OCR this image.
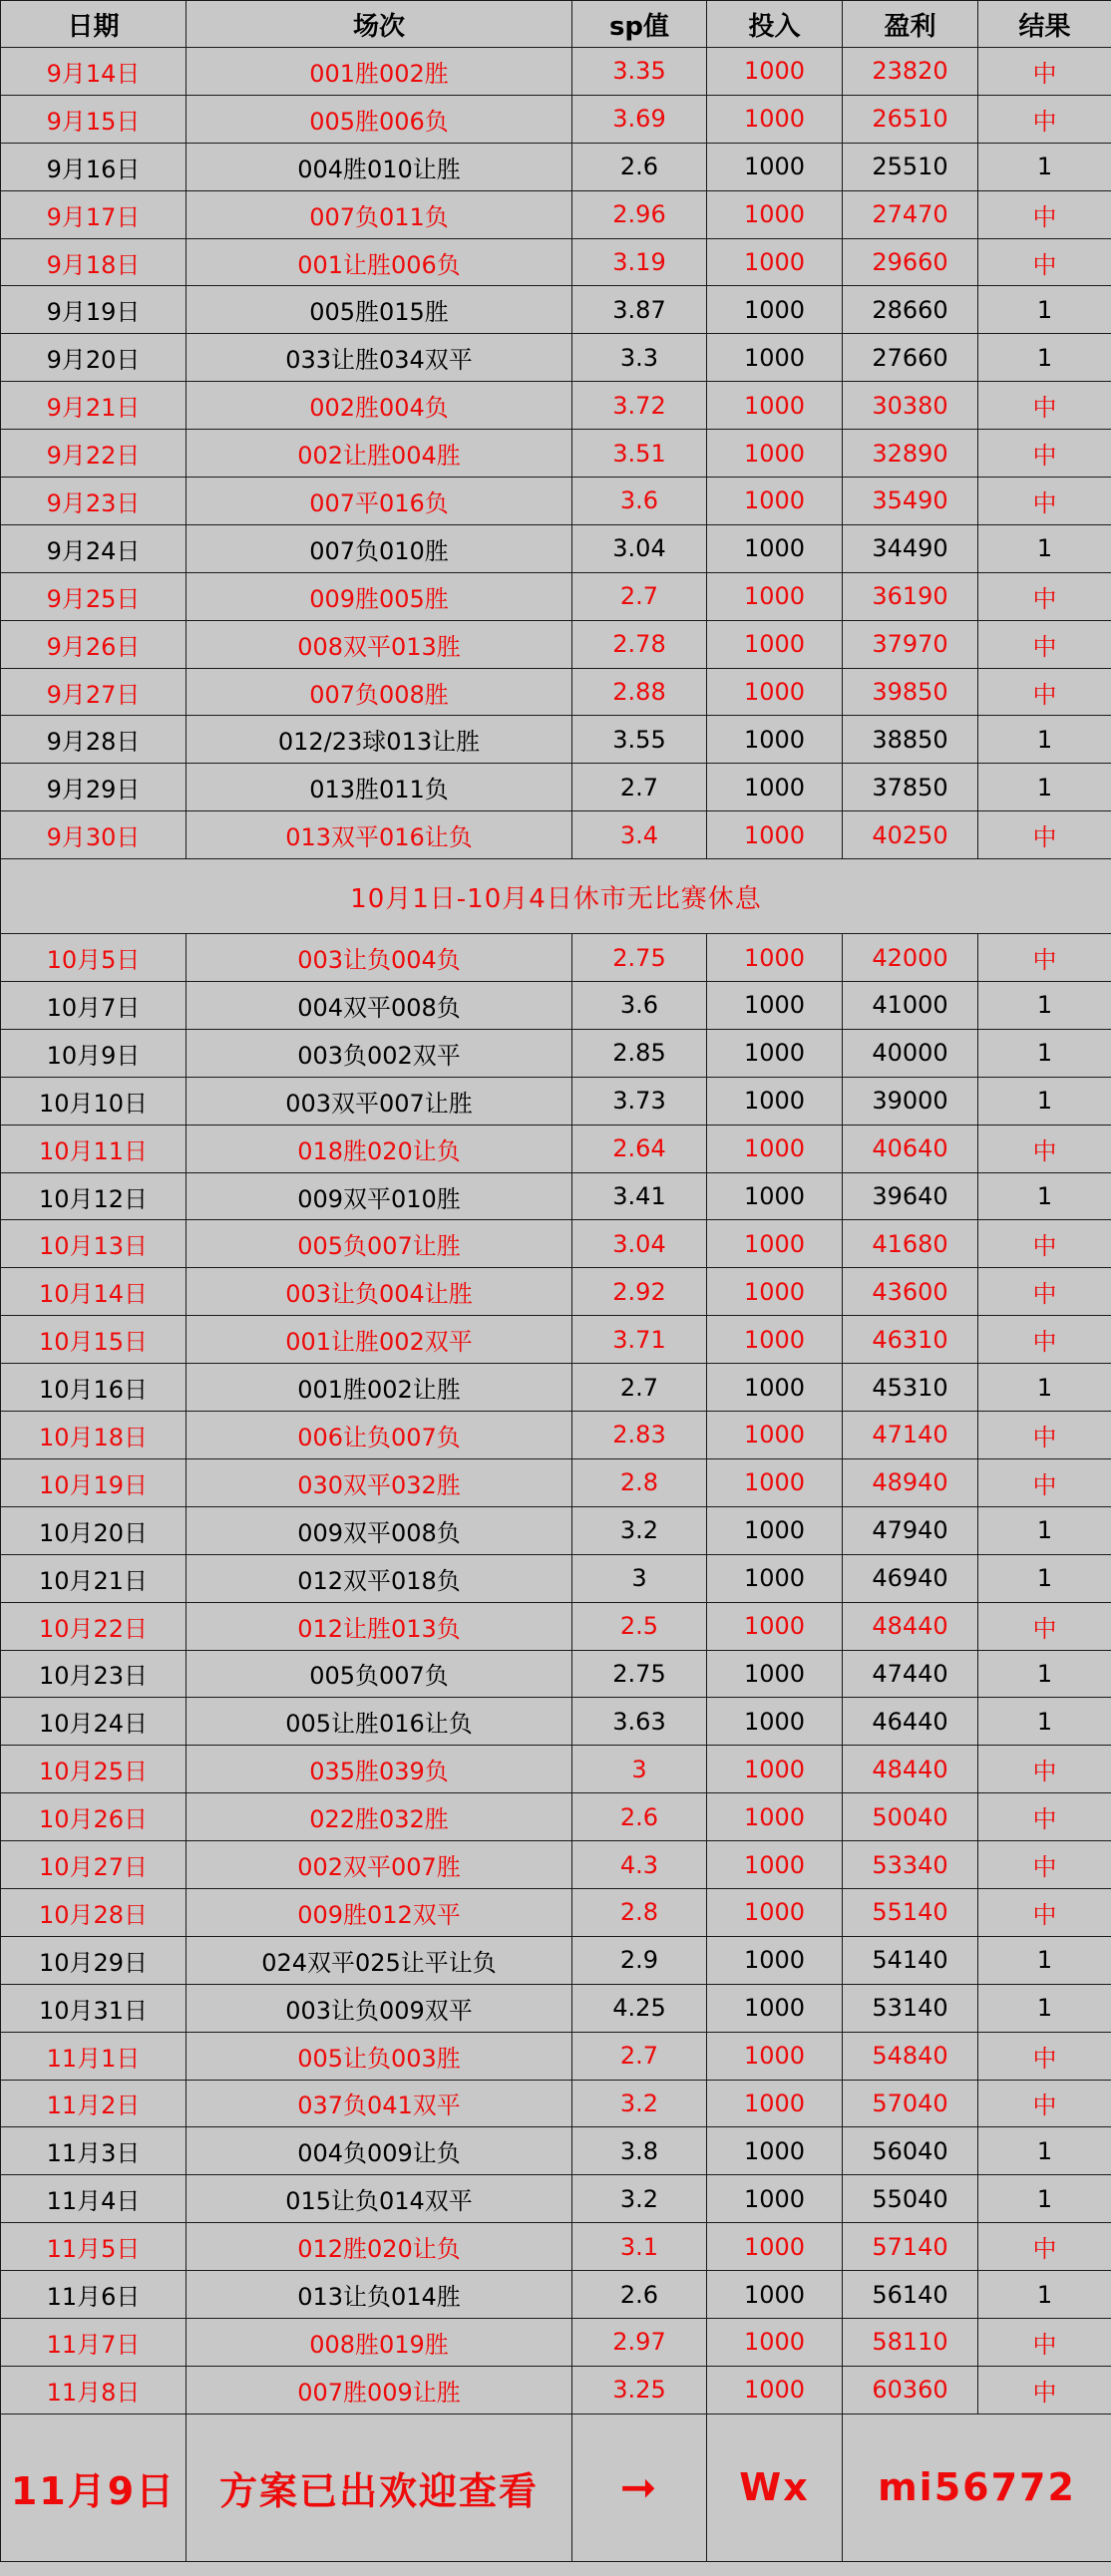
日期	场次	sp值	投入	盈利	结果
9月14日	001胜002胜	3.35	1000	23820	中
9月15日	005胜006负	3.69	1000	26510	中
9月16日	004胜010让胜	2.6	1000	25510	1
9月17日	007负011负	2.96	1000	27470	中
9月18日	001让胜006负	3.19	1000	29660	中
9月19日	005胜015胜	3.87	1000	28660	1
9月20日	033让胜034双平	3.3	1000	27660	1
9月21日	002胜004负	3.72	1000	30380	中
9月22日	002让胜004胜	3.51	1000	32890	中
9月23日	007平016负	3.6	1000	35490	中
9月24日	007负010胜	3.04	1000	34490	1
9月25日	009胜005胜	2.7	1000	36190	中
9月26日	008双平013胜	2.78	1000	37970	中
9月27日	007负008胜	2.88	1000	39850	中
9月28日	012/23球013让胜	3.55	1000	38850	1
9月29日	013胜011负	2.7	1000	37850	1
9月30日	013双平016让负	3.4	1000	40250	中
10月1日-10月4日休市无比赛休息					
10月5日	003让负004负	2.75	1000	42000	中
10月7日	004双平008负	3.6	1000	41000	1
10月9日	003负002双平	2.85	1000	40000	1
10月10日	003双平007让胜	3.73	1000	39000	1
10月11日	018胜020让负	2.64	1000	40640	中
10月12日	009双平010胜	3.41	1000	39640	1
10月13日	005负007让胜	3.04	1000	41680	中
10月14日	003让负004让胜	2.92	1000	43600	中
10月15日	001让胜002双平	3.71	1000	46310	中
10月16日	001胜002让胜	2.7	1000	45310	1
10月18日	006让负007负	2.83	1000	47140	中
10月19日	030双平032胜	2.8	1000	48940	中
10月20日	009双平008负	3.2	1000	47940	1
10月21日	012双平018负	3	1000	46940	1
10月22日	012让胜013负	2.5	1000	48440	中
10月23日	005负007负	2.75	1000	47440	1
10月24日	005让胜016让负	3.63	1000	46440	1
10月25日	035胜039负	3	1000	48440	中
10月26日	022胜032胜	2.6	1000	50040	中
10月27日	002双平007胜	4.3	1000	53340	中
10月28日	009胜012双平	2.8	1000	55140	中
10月29日	024双平025让平让负	2.9	1000	54140	1
10月31日	003让负009双平	4.25	1000	53140	1
11月1日	005让负003胜	2.7	1000	54840	中
11月2日	037负041双平	3.2	1000	57040	中
11月3日	004负009让负	3.8	1000	56040	1
11月4日	015让负014双平	3.2	1000	55040	1
11月5日	012胜020让负	3.1	1000	57140	中
11月6日	013让负014胜	2.6	1000	56140	1
11月7日	008胜019胜	2.97	1000	58110	中
11月8日	007胜009让胜	3.25	1000	60360	中
11月9日	方案已出欢迎查看	➞	Wx	mi56772	
